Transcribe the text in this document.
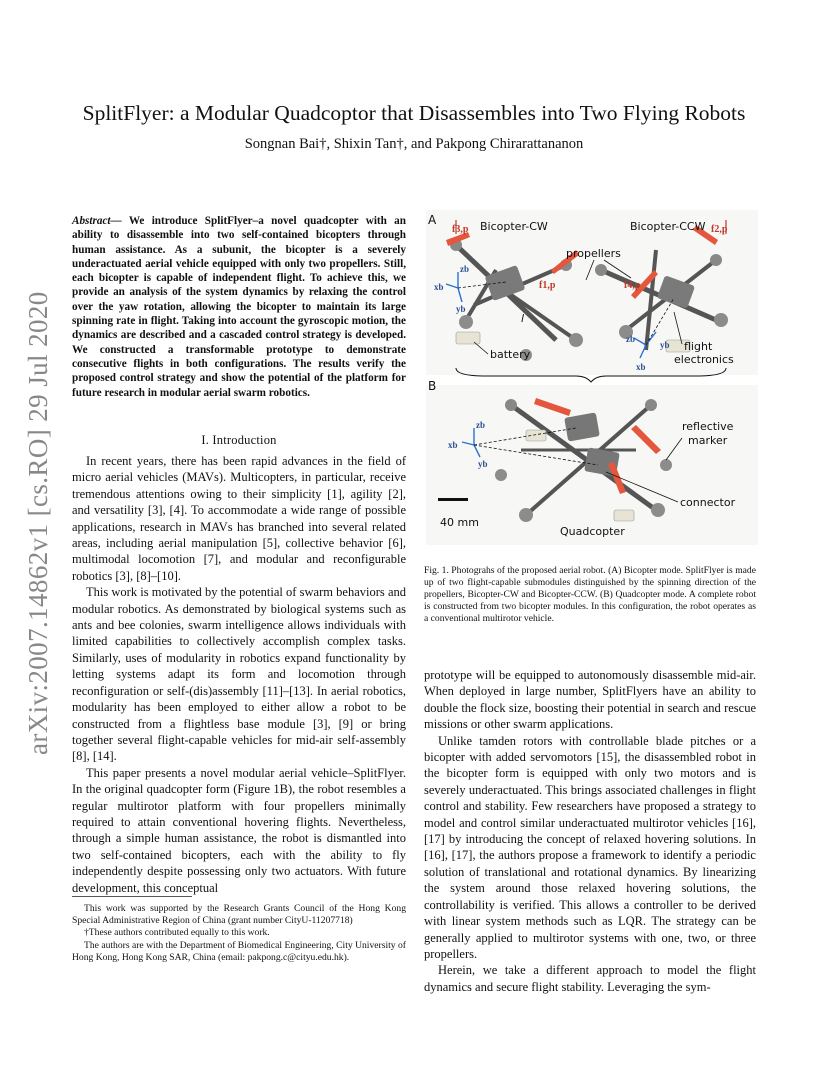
arXiv:2007.14862v1 [cs.RO] 29 Jul 2020
SplitFlyer: a Modular Quadcoptor that Disassembles into Two Flying Robots
Songnan Bai†, Shixin Tan†, and Pakpong Chirarattananon
Abstract— We introduce SplitFlyer–a novel quadcopter with an ability to disassemble into two self-contained bicopters through human assistance. As a subunit, the bicopter is a severely underactuated aerial vehicle equipped with only two propellers. Still, each bicopter is capable of independent flight. To achieve this, we provide an analysis of the system dynamics by relaxing the control over the yaw rotation, allowing the bicopter to maintain its large spinning rate in flight. Taking into account the gyroscopic motion, the dynamics are described and a cascaded control strategy is developed. We constructed a transformable prototype to demonstrate consecutive flights in both configurations. The results verify the proposed control strategy and show the potential of the platform for future research in modular aerial swarm robotics.
I. Introduction

In recent years, there has been rapid advances in the field of micro aerial vehicles (MAVs). Multicopters, in particular, receive tremendous attentions owing to their simplicity [1], agility [2], and versatility [3], [4]. To accommodate a wide range of possible applications, research in MAVs has branched into several related areas, including aerial manipulation [5], collective behavior [6], multimodal locomotion [7], and modular and reconfigurable robotics [3], [8]–[10].

This work is motivated by the potential of swarm behaviors and modular robotics. As demonstrated by biological systems such as ants and bee colonies, swarm intelligence allows individuals with limited capabilities to collectively accomplish complex tasks. Similarly, uses of modularity in robotics expand functionality by letting systems adapt its form and locomotion through reconfiguration or self-(dis)assembly [11]–[13]. In aerial robotics, modularity has been employed to either allow a robot to be constructed from a flightless base module [3], [9] or bring together several flight-capable vehicles for mid-air self-assembly [8], [14].

This paper presents a novel modular aerial vehicle–SplitFlyer. In the original quadcopter form (Figure 1B), the robot resembles a regular multirotor platform with four propellers minimally required to attain conventional hovering flights. Nevertheless, through a simple human assistance, the robot is dismantled into two self-contained bicopters, each with the ability to fly independently despite possessing only two actuators. With future development, this conceptual

This work was supported by the Research Grants Council of the Hong Kong Special Administrative Region of China (grant number CityU-11207718)

†These authors contributed equally to this work.

The authors are with the Department of Biomedical Engineering, City University of Hong Kong, Hong Kong SAR, China (email: pakpong.c@cityu.edu.hk).

A	Bicopter-CW	Bicopter-CCW
propellers
battery
flight
electronics
f3,p
f1,p	f4,p
f2,p
l
zb
xb
yb
zb
yb
xb
B
zb
xb
yb
reflective
marker
connector
40 mm
Quadcopter
Fig. 1. Photograhs of the proposed aerial robot. (A) Bicopter mode. SplitFlyer is made up of two flight-capable submodules distinguished by the spinning direction of the propellers, Bicopter-CW and Bicopter-CCW. (B) Quadcopter mode. A complete robot is constructed from two bicopter modules. In this configuration, the robot operates as a conventional multirotor vehicle.

prototype will be equipped to autonomously disassemble mid-air. When deployed in large number, SplitFlyers have an ability to double the flock size, boosting their potential in search and rescue missions or other swarm applications.

Unlike tamden rotors with controllable blade pitches or a bicopter with added servomotors [15], the disassembled robot in the bicopter form is equipped with only two motors and is severely underactuated. This brings associated challenges in flight control and stability. Few researchers have proposed a strategy to model and control similar underactuated multirotor vehicles [16], [17] by introducing the concept of relaxed hovering solutions. In [16], [17], the authors propose a framework to identify a periodic solution of translational and rotational dynamics. By linearizing the system around those relaxed hovering solutions, the controllability is verified. This allows a controller to be derived with linear system methods such as LQR. The strategy can be generally applied to multirotor systems with one, two, or three propellers.

Herein, we take a different approach to model the flight dynamics and secure flight stability. Leveraging the sym-
